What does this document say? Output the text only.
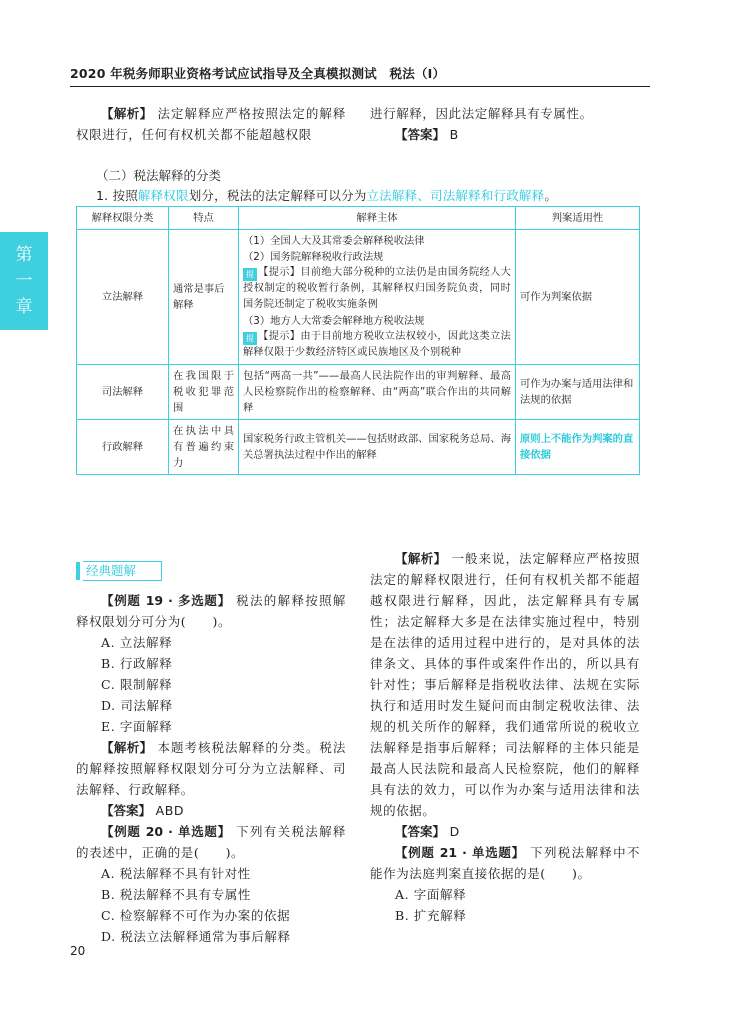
2020 年税务师职业资格考试应试指导及全真模拟测试　税法（Ⅰ）
第
一
章

【解析】 法定解释应严格按照法定的解释权限进行，任何有权机关都不能超越权限

进行解释，因此法定解释具有专属性。

【答案】 B

（二）税法解释的分类
1. 按照解释权限划分，税法的法定解释可以分为立法解释、司法解释和行政解释。
解释权限分类	特点	解释主体	判案适用性
立法解释	通常是事后解释	（1）全国人大及其常委会解释税收法律
（2）国务院解释税收行政法规
提 【提示】目前绝大部分税种的立法仍是由国务院经人大授权制定的税收暂行条例，其解释权归国务院负责，同时国务院还制定了税收实施条例
（3）地方人大常委会解释地方税收法规
提 【提示】由于目前地方税收立法权较小，因此这类立法解释仅限于少数经济特区或民族地区及个别税种	可作为判案依据
司法解释	在我国限于税收犯罪范围	包括“两高一共”——最高人民法院作出的审判解释、最高人民检察院作出的检察解释、由“两高”联合作出的共同解释	可作为办案与适用法律和法规的依据
行政解释	在执法中具有普遍约束力	国家税务行政主管机关——包括财政部、国家税务总局、海关总署执法过程中作出的解释	原则上不能作为判案的直接依据
经典题解

【例题 19 · 多选题】 税法的解释按照解释权限划分可分为(　　)。

A. 立法解释
B. 行政解释
C. 限制解释
D. 司法解释
E. 字面解释

【解析】 本题考核税法解释的分类。税法的解释按照解释权限划分可分为立法解释、司法解释、行政解释。

【答案】 ABD

【例题 20 · 单选题】 下列有关税法解释的表述中，正确的是(　　)。

A. 税法解释不具有针对性
B. 税法解释不具有专属性
C. 检察解释不可作为办案的依据
D. 税法立法解释通常为事后解释

【解析】 一般来说，法定解释应严格按照法定的解释权限进行，任何有权机关都不能超越权限进行解释，因此，法定解释具有专属性；法定解释大多是在法律实施过程中，特别是在法律的适用过程中进行的，是对具体的法律条文、具体的事件或案件作出的，所以具有针对性；事后解释是指税收法律、法规在实际执行和适用时发生疑问而由制定税收法律、法规的机关所作的解释，我们通常所说的税收立法解释是指事后解释；司法解释的主体只能是最高人民法院和最高人民检察院，他们的解释具有法的效力，可以作为办案与适用法律和法规的依据。

【答案】 D

【例题 21 · 单选题】 下列税法解释中不能作为法庭判案直接依据的是(　　)。

A. 字面解释
B. 扩充解释
20
